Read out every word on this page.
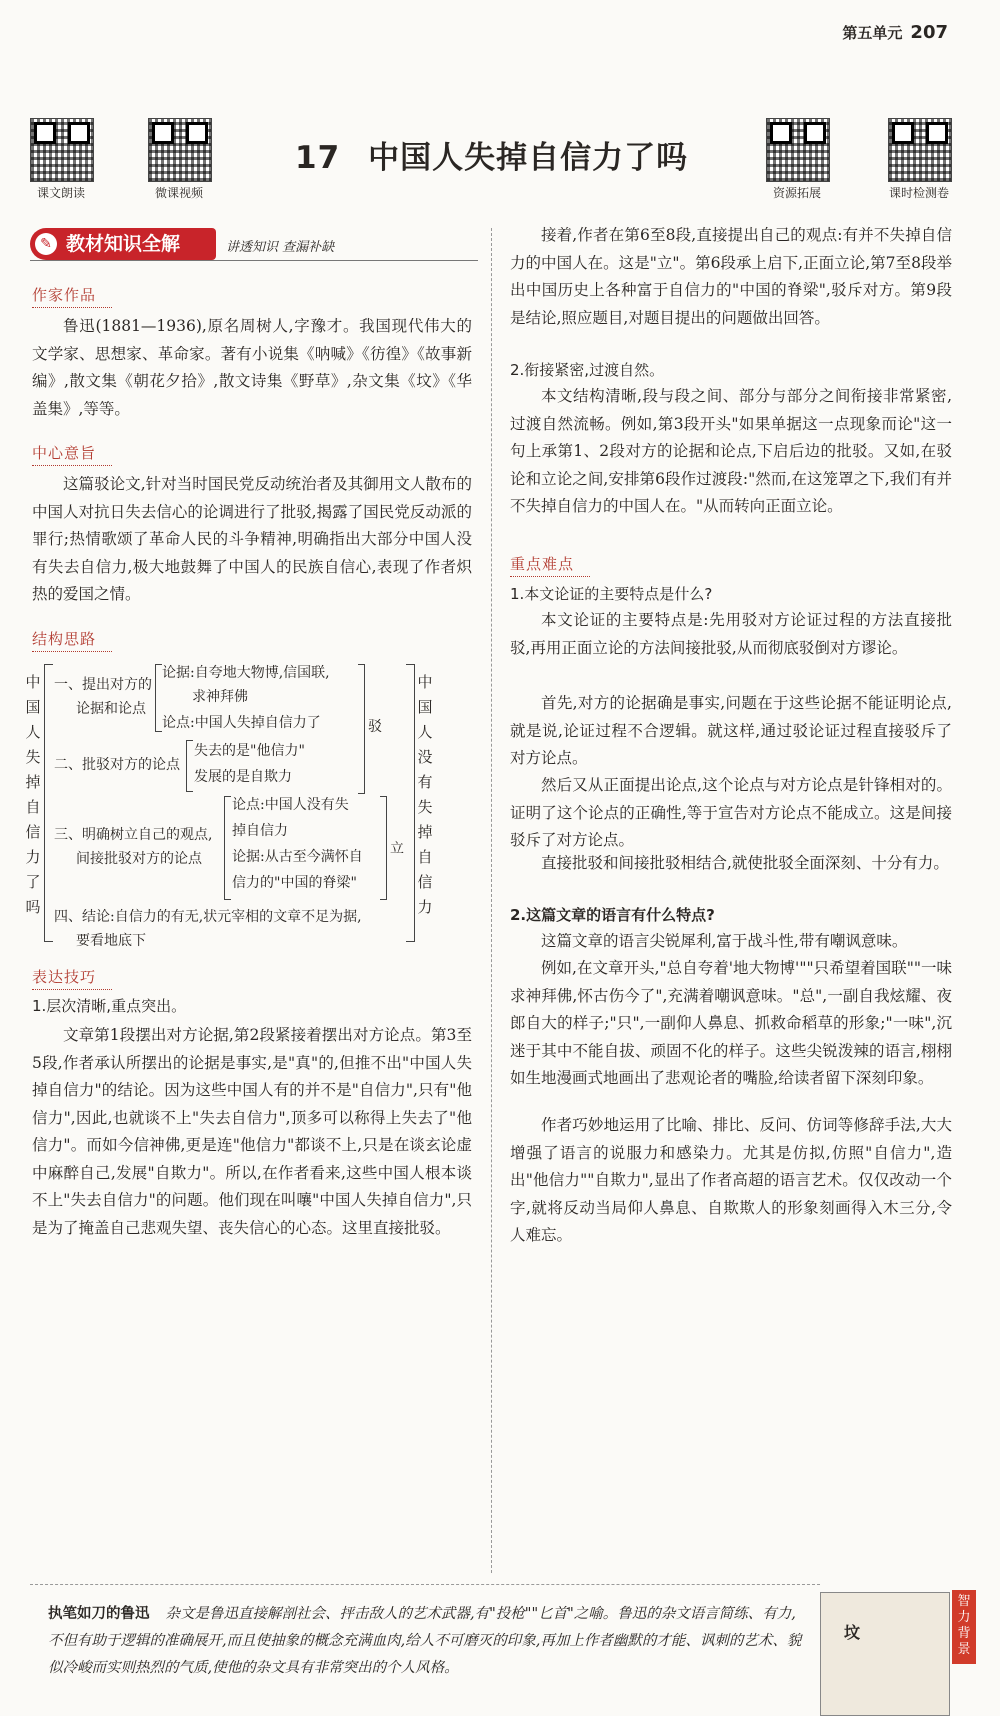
第五单元 207
课文朗读	微课视频	资源拓展	课时检测卷
17 中国人失掉自信力了吗
✎ 教材知识全解	讲透知识 查漏补缺
作家作品
鲁迅(1881—1936),原名周树人,字豫才。我国现代伟大的文学家、思想家、革命家。著有小说集《呐喊》《彷徨》《故事新编》,散文集《朝花夕拾》,散文诗集《野草》,杂文集《坟》《华盖集》,等等。
中心意旨
这篇驳论文,针对当时国民党反动统治者及其御用文人散布的中国人对抗日失去信心的论调进行了批驳,揭露了国民党反动派的罪行;热情歌颂了革命人民的斗争精神,明确指出大部分中国人没有失去自信力,极大地鼓舞了中国人的民族自信心,表现了作者炽热的爱国之情。
结构思路
中国人失掉自信力了吗
一、提出对方的
论据和论点
论据:自夸地大物博,信国联,
求神拜佛
论点:中国人失掉自信力了	驳
二、批驳对方的论点
失去的是"他信力"
发展的是自欺力
三、明确树立自己的观点,
间接批驳对方的论点
论点:中国人没有失
掉自信力
论据:从古至今满怀自
信力的"中国的脊梁"
立
四、结论:自信力的有无,状元宰相的文章不足为据,
要看地底下
中国人没有失掉自信力
表达技巧
1.层次清晰,重点突出。
文章第1段摆出对方论据,第2段紧接着摆出对方论点。第3至5段,作者承认所摆出的论据是事实,是"真"的,但推不出"中国人失掉自信力"的结论。因为这些中国人有的并不是"自信力",只有"他信力",因此,也就谈不上"失去自信力",顶多可以称得上失去了"他信力"。而如今信神佛,更是连"他信力"都谈不上,只是在谈玄论虚中麻醉自己,发展"自欺力"。所以,在作者看来,这些中国人根本谈不上"失去自信力"的问题。他们现在叫嚷"中国人失掉自信力",只是为了掩盖自己悲观失望、丧失信心的心态。这里直接批驳。
接着,作者在第6至8段,直接提出自己的观点:有并不失掉自信力的中国人在。这是"立"。第6段承上启下,正面立论,第7至8段举出中国历史上各种富于自信力的"中国的脊梁",驳斥对方。第9段是结论,照应题目,对题目提出的问题做出回答。
2.衔接紧密,过渡自然。
本文结构清晰,段与段之间、部分与部分之间衔接非常紧密,过渡自然流畅。例如,第3段开头"如果单据这一点现象而论"这一句上承第1、2段对方的论据和论点,下启后边的批驳。又如,在驳论和立论之间,安排第6段作过渡段:"然而,在这笼罩之下,我们有并不失掉自信力的中国人在。"从而转向正面立论。
重点难点
1.本文论证的主要特点是什么?
本文论证的主要特点是:先用驳对方论证过程的方法直接批驳,再用正面立论的方法间接批驳,从而彻底驳倒对方谬论。
首先,对方的论据确是事实,问题在于这些论据不能证明论点,就是说,论证过程不合逻辑。就这样,通过驳论证过程直接驳斥了对方论点。
然后又从正面提出论点,这个论点与对方论点是针锋相对的。证明了这个论点的正确性,等于宣告对方论点不能成立。这是间接驳斥了对方论点。
直接批驳和间接批驳相结合,就使批驳全面深刻、十分有力。
2.这篇文章的语言有什么特点?
这篇文章的语言尖锐犀利,富于战斗性,带有嘲讽意味。
例如,在文章开头,"总自夸着'地大物博'""只希望着国联""一味求神拜佛,怀古伤今了",充满着嘲讽意味。"总",一副自我炫耀、夜郎自大的样子;"只",一副仰人鼻息、抓救命稻草的形象;"一味",沉迷于其中不能自拔、顽固不化的样子。这些尖锐泼辣的语言,栩栩如生地漫画式地画出了悲观论者的嘴脸,给读者留下深刻印象。
作者巧妙地运用了比喻、排比、反问、仿词等修辞手法,大大增强了语言的说服力和感染力。尤其是仿拟,仿照"自信力",造出"他信力""自欺力",显出了作者高超的语言艺术。仅仅改动一个字,就将反动当局仰人鼻息、自欺欺人的形象刻画得入木三分,令人难忘。
执笔如刀的鲁迅 杂文是鲁迅直接解剖社会、抨击敌人的艺术武器,有"投枪""匕首"之喻。鲁迅的杂文语言简练、有力,不但有助于逻辑的准确展开,而且使抽象的概念充满血肉,给人不可磨灭的印象,再加上作者幽默的才能、讽刺的艺术、貌似冷峻而实则热烈的气质,使他的杂文具有非常突出的个人风格。
坟
智力背景
